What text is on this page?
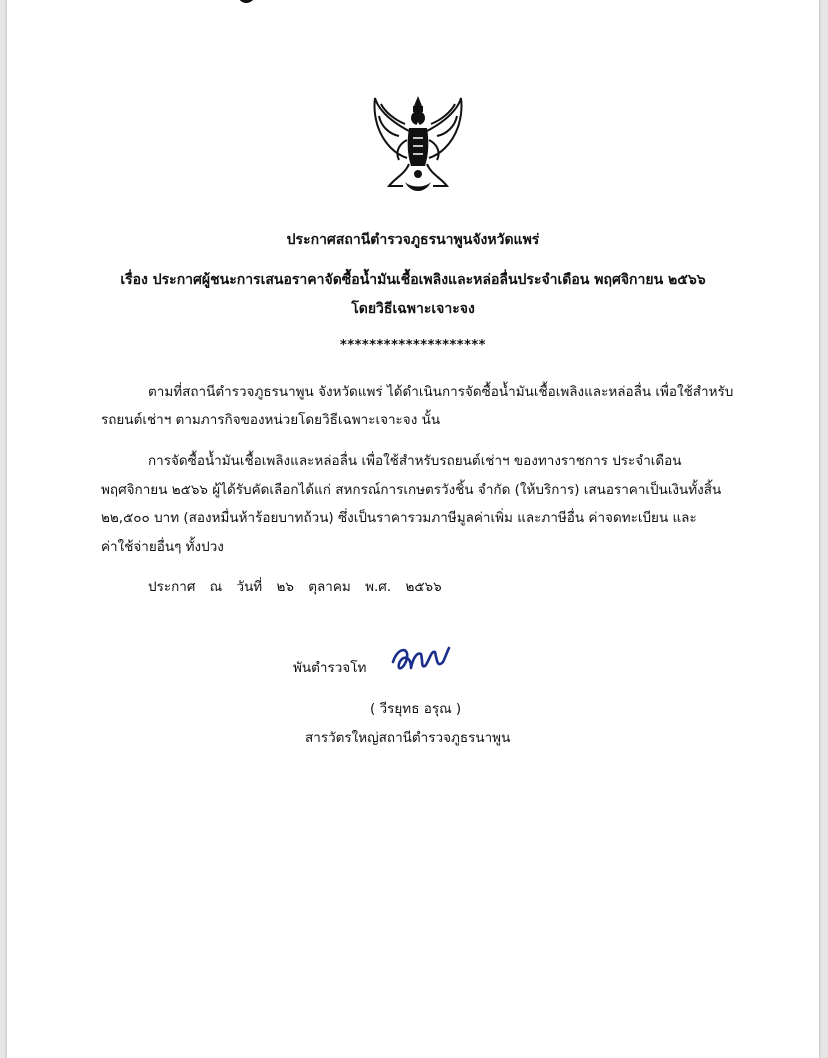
ประกาศสถานีตำรวจภูธรนาพูนจังหวัดแพร่
เรื่อง ประกาศผู้ชนะการเสนอราคาจัดซื้อน้ำมันเชื้อเพลิงและหล่อลื่นประจำเดือน พฤศจิกายน ๒๕๖๖
โดยวิธีเฉพาะเจาะจง
********************
ตามที่สถานีตำรวจภูธรนาพูน จังหวัดแพร่ ได้ดำเนินการจัดซื้อน้ำมันเชื้อเพลิงและหล่อลื่น เพื่อใช้สำหรับ
รถยนต์เช่าฯ ตามภารกิจของหน่วยโดยวิธีเฉพาะเจาะจง นั้น
การจัดซื้อน้ำมันเชื้อเพลิงและหล่อลื่น เพื่อใช้สำหรับรถยนต์เช่าฯ ของทางราชการ ประจำเดือน
พฤศจิกายน ๒๕๖๖ ผู้ได้รับคัดเลือกได้แก่ สหกรณ์การเกษตรวังชิ้น จำกัด (ให้บริการ) เสนอราคาเป็นเงินทั้งสิ้น
๒๒,๕๐๐ บาท (สองหมื่นห้าร้อยบาทถ้วน) ซึ่งเป็นราคารวมภาษีมูลค่าเพิ่ม และภาษีอื่น ค่าจดทะเบียน และ
ค่าใช้จ่ายอื่นๆ ทั้งปวง
ประกาศ ณ วันที่ ๒๖ ตุลาคม พ.ศ. ๒๕๖๖
พันตำรวจโท
( วีรยุทธ อรุณ )
สารวัตรใหญ่สถานีตำรวจภูธรนาพูน
